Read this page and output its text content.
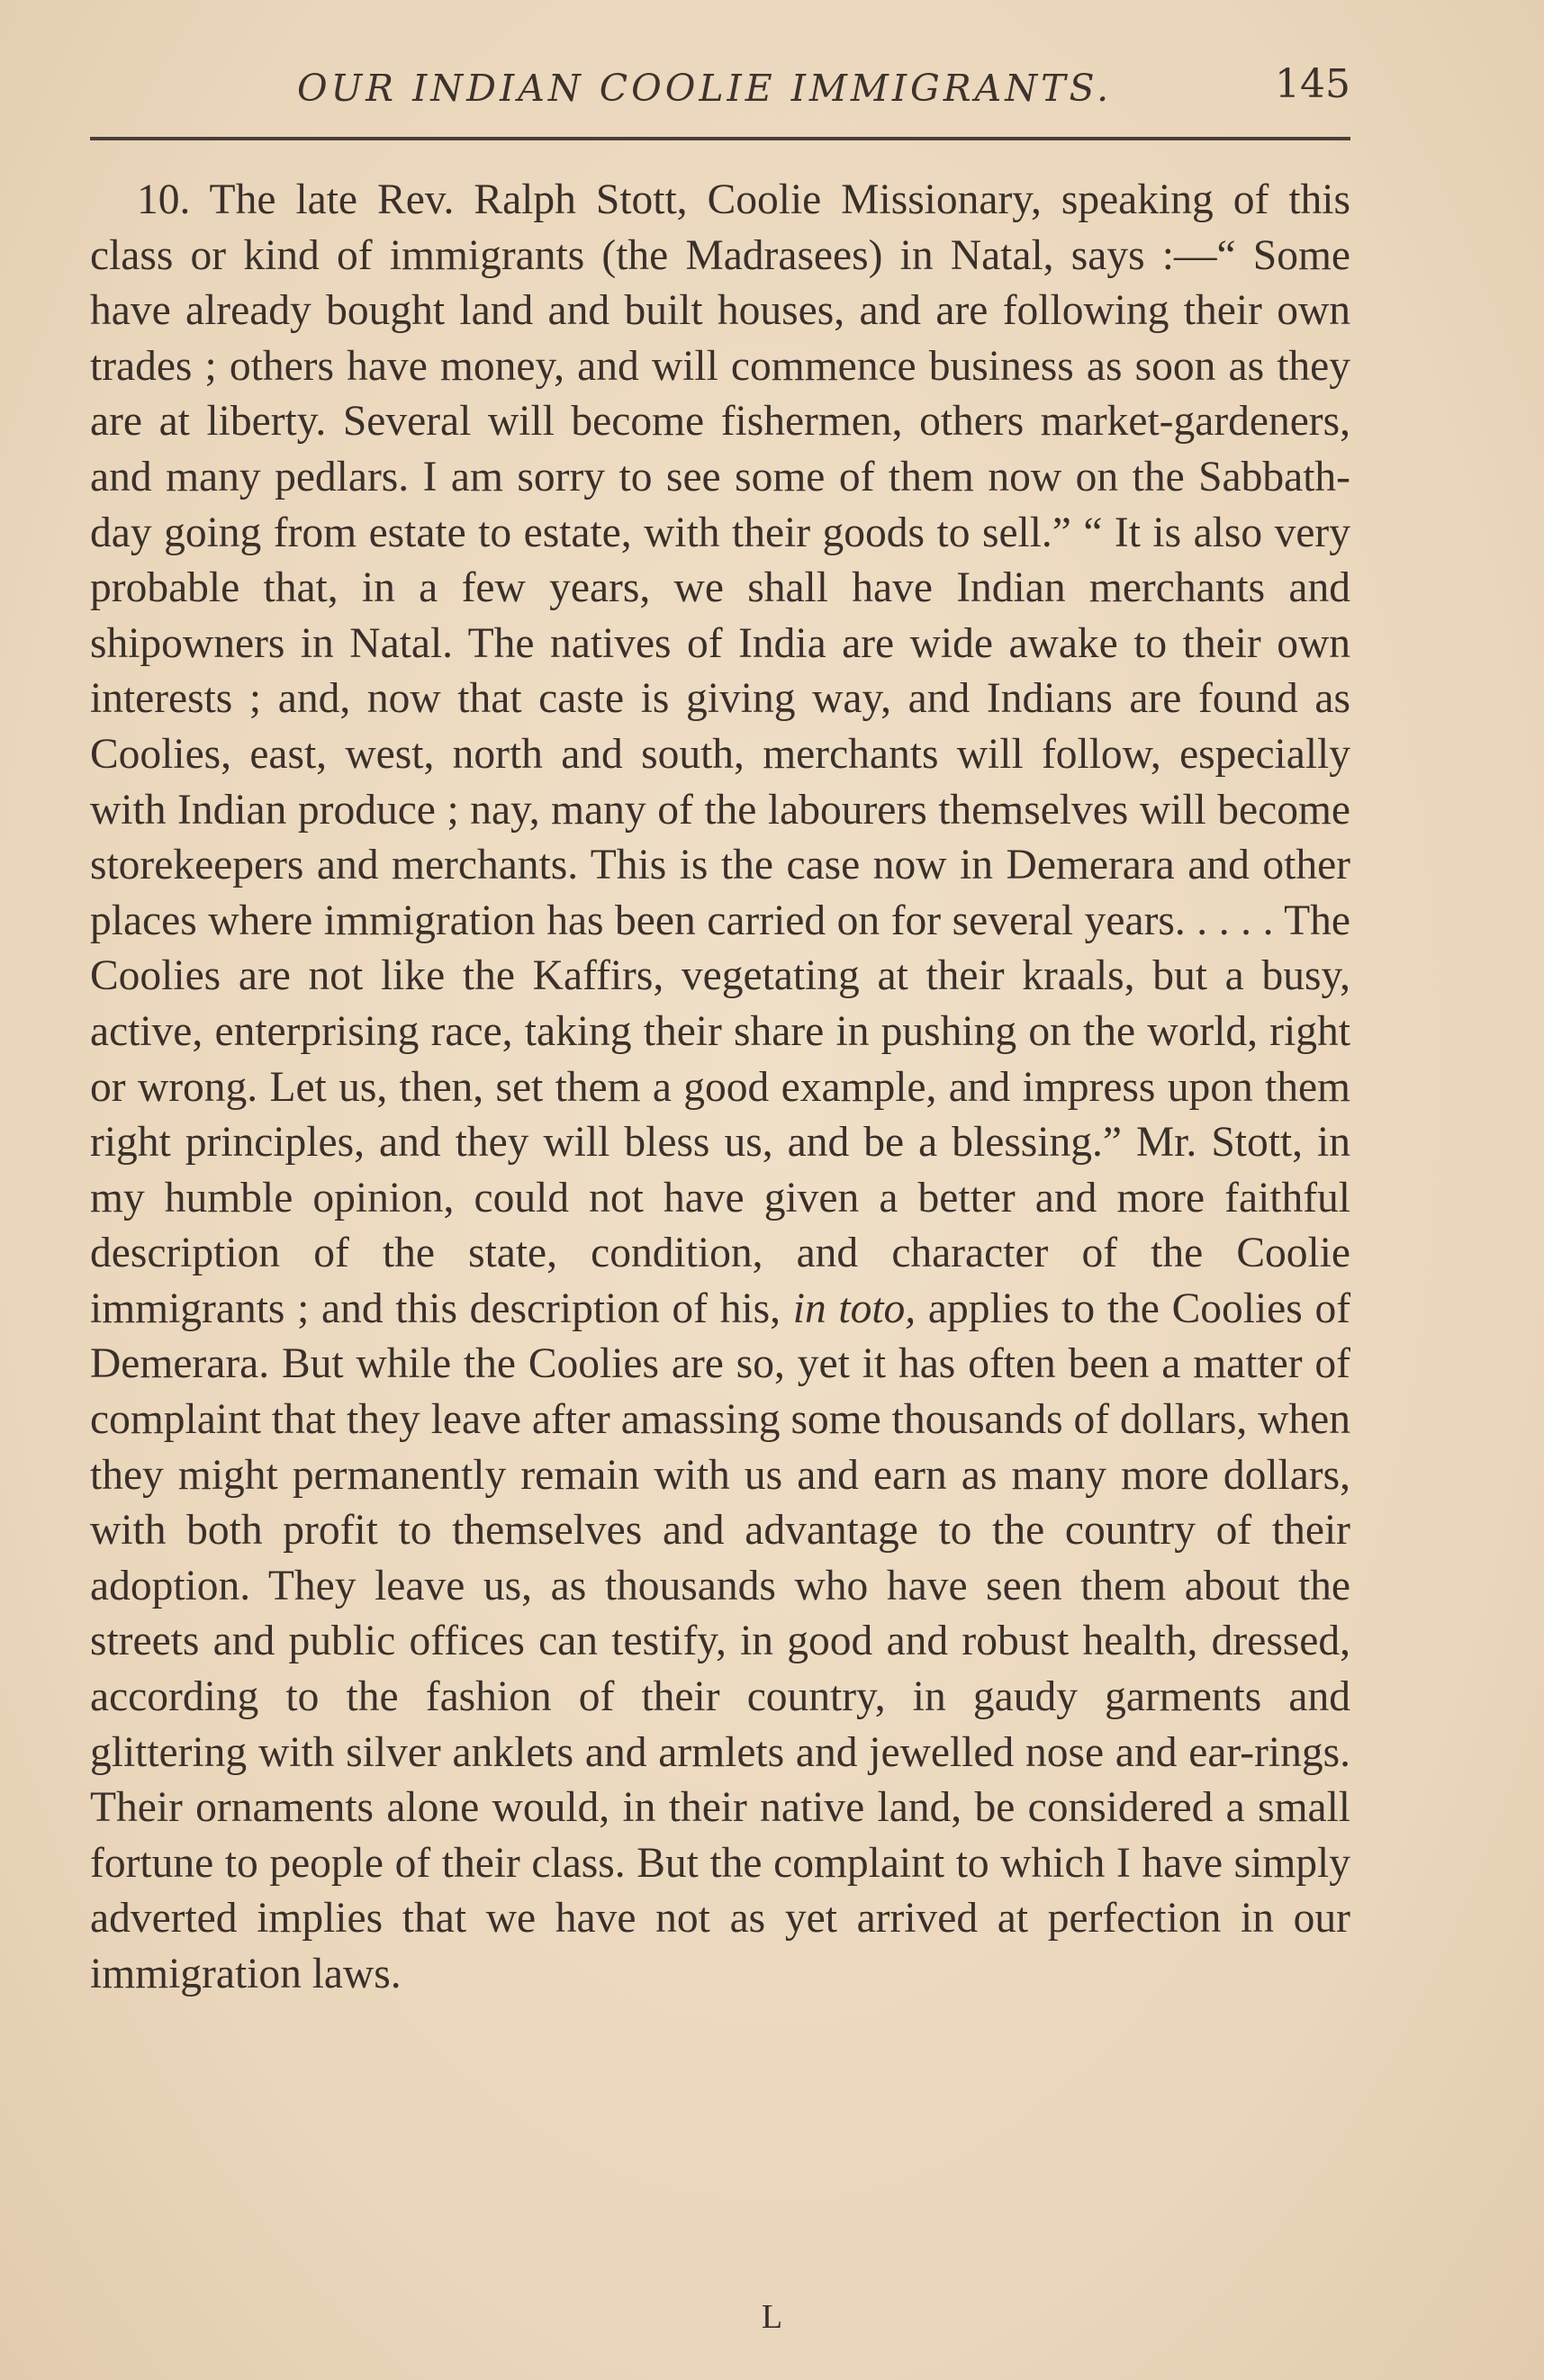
OUR INDIAN COOLIE IMMIGRANTS.	145

10. The late Rev. Ralph Stott, Coolie Missionary, speaking of this class or kind of immigrants (the Madrasees) in Natal, says :—“ Some have already bought land and built houses, and are following their own trades ; others have money, and will commence business as soon as they are at liberty. Several will become fishermen, others market-gardeners, and many pedlars. I am sorry to see some of them now on the Sabbath-day going from estate to estate, with their goods to sell.” “ It is also very probable that, in a few years, we shall have Indian merchants and shipowners in Natal. The natives of India are wide awake to their own interests ; and, now that caste is giving way, and Indians are found as Coolies, east, west, north and south, merchants will follow, especially with Indian produce ; nay, many of the labourers themselves will become storekeepers and merchants. This is the case now in Demerara and other places where immigration has been carried on for several years. . . . . The Coolies are not like the Kaffirs, vegetating at their kraals, but a busy, active, enterprising race, taking their share in pushing on the world, right or wrong. Let us, then, set them a good example, and impress upon them right principles, and they will bless us, and be a blessing.” Mr. Stott, in my humble opinion, could not have given a better and more faithful description of the state, condition, and character of the Coolie immigrants ; and this description of his, in toto, applies to the Coolies of Demerara. But while the Coolies are so, yet it has often been a matter of complaint that they leave after amassing some thousands of dollars, when they might permanently remain with us and earn as many more dollars, with both profit to themselves and advantage to the country of their adoption. They leave us, as thousands who have seen them about the streets and public offices can testify, in good and robust health, dressed, according to the fashion of their country, in gaudy garments and glittering with silver anklets and armlets and jewelled nose and ear-rings. Their ornaments alone would, in their native land, be considered a small fortune to people of their class. But the complaint to which I have simply adverted implies that we have not as yet arrived at perfection in our immigration laws.

L
